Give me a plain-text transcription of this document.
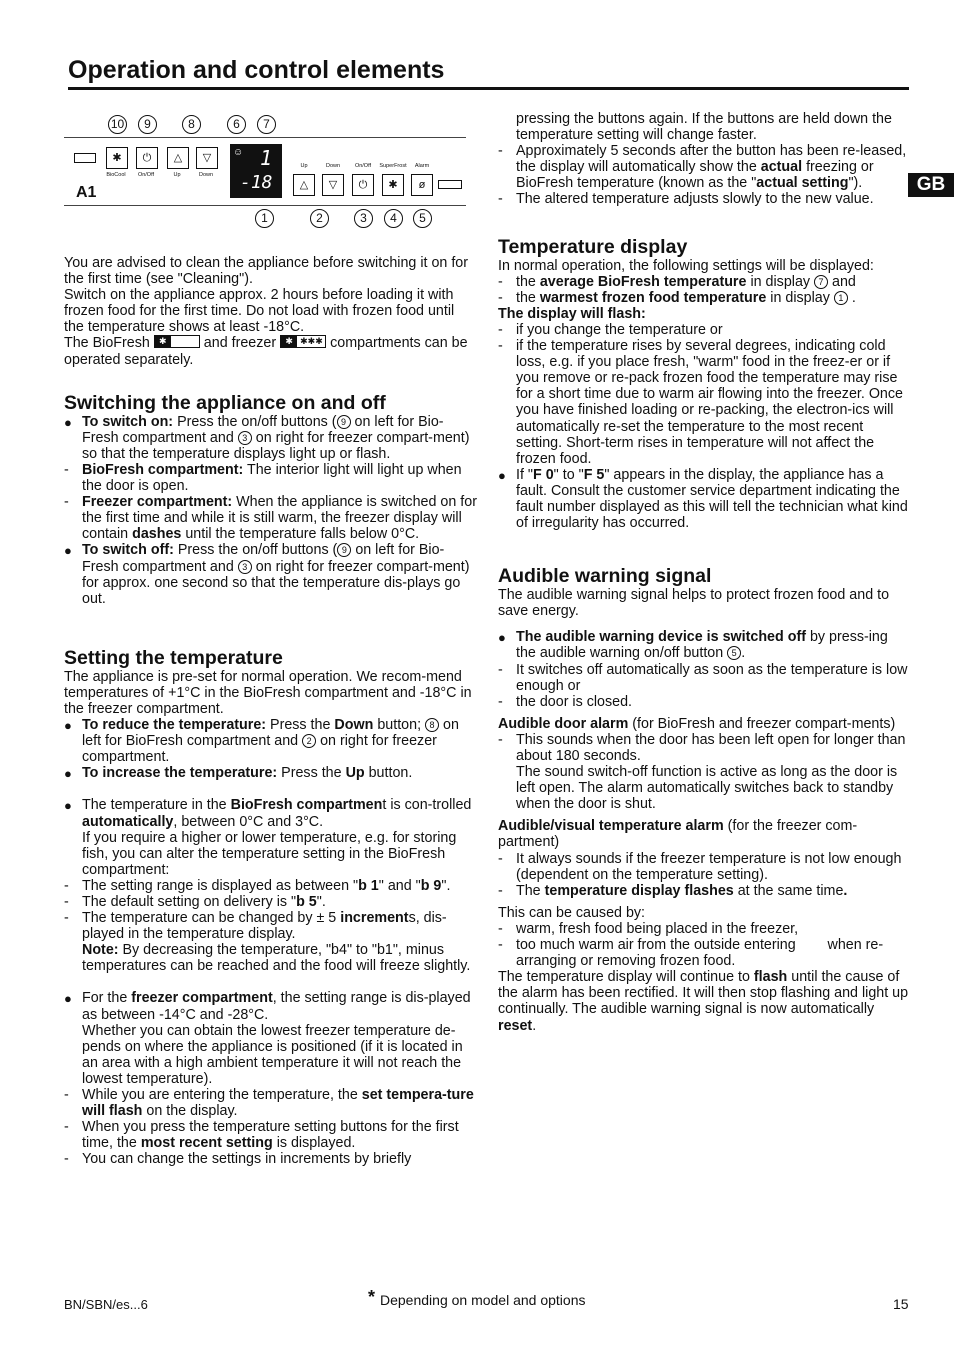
Operation and control elements
GB
10	9	8	6	7
✱	⏻	△	▽
BioCool	On/Off	Up	Down
☺ 1
-18
Up	Down	On/Off	SuperFrost	Alarm
△	▽	⏻	✱	ø
A1
1	2	3	4	5

You are advised to clean the appliance before switching it on for the first time (see "Cleaning").

Switch on the appliance approx. 2 hours before loading it with frozen food for the first time. Do not load with frozen food until the temperature shows at least -18°C.

The BioFresh	✱	and freezer	✱ ✱✱✱ compartments can be operated separately.

Switching the appliance on and off

● To switch on: Press the on/off buttons ( 9 on left for Bio-Fresh compartment and 3 on right for freezer compart-ment) so that the temperature displays light up or flash.
- BioFresh compartment: The interior light will light up when the door is open.
- Freezer compartment: When the appliance is switched on for the first time and while it is still warm, the freezer display will contain dashes until the temperature falls below 0°C.
● To switch off: Press the on/off buttons ( 9 on left for Bio-Fresh compartment and 3 on right for freezer compart-ment) for approx. one second so that the temperature dis-plays go out.

Setting the temperature

The appliance is pre-set for normal operation. We recom-mend temperatures of +1°C in the BioFresh compartment and -18°C in the freezer compartment.

● To reduce the temperature: Press the Down button; 8 on left for BioFresh compartment and 2 on right for freezer compartment.
● To increase the temperature: Press the Up button.
● The temperature in the BioFresh compartment is con-trolled automatically, between 0°C and 3°C.
If you require a higher or lower temperature, e.g. for storing fish, you can alter the temperature setting in the BioFresh compartment:
- The setting range is displayed as between "b 1" and "b 9".
- The default setting on delivery is "b 5".
- The temperature can be changed by ± 5 increments, dis-played in the temperature display.
Note: By decreasing the temperature, "b4" to "b1", minus temperatures can be reached and the food will freeze slightly.
● For the freezer compartment, the setting range is dis-played as between -14°C and -28°C.
Whether you can obtain the lowest freezer temperature de-pends on where the appliance is positioned (if it is located in an area with a high ambient temperature it will not reach the lowest temperature).
- While you are entering the temperature, the set tempera-ture will flash on the display.
- When you press the temperature setting buttons for the first time, the most recent setting is displayed.
- You can change the settings in increments by briefly
pressing the buttons again. If the buttons are held down the temperature setting will change faster.
- Approximately 5 seconds after the button has been re-leased, the display will automatically show the actual freezing or BioFresh temperature (known as the "actual setting").
- The altered temperature adjusts slowly to the new value.

Temperature display

In normal operation, the following settings will be displayed:

- the average BioFresh temperature in display 7 and
- the warmest frozen food temperature in display 1 .

The display will flash:

- if you change the temperature or
- if the temperature rises by several degrees, indicating cold loss, e.g. if you place fresh, "warm" food in the freez-er or if you remove or re-pack frozen food the temperature may rise for a short time due to warm air flowing into the freezer. Once you have finished loading or re-packing, the electron-ics will automatically re-set the temperature to the most recent setting. Short-term rises in temperature will not affect the frozen food.
● If "F 0" to "F 5" appears in the display, the appliance has a fault. Consult the customer service department indicating the fault number displayed as this will tell the technician what kind of irregularity has occurred.

Audible warning signal

The audible warning signal helps to protect frozen food and to save energy.

● The audible warning device is switched off by press-ing the audible warning on/off button 5 .
- It switches off automatically as soon as the temperature is low enough or
- the door is closed.

Audible door alarm (for BioFresh and freezer compart-ments)

- This sounds when the door has been left open for longer than about 180 seconds.
The sound switch-off function is active as long as the door is left open. The alarm automatically switches back to standby when the door is shut.

Audible/visual temperature alarm (for the freezer com-partment)

- It always sounds if the freezer temperature is not low enough (dependent on the temperature setting).
- The temperature display flashes at the same time.

This can be caused by:

- warm, fresh food being placed in the freezer,
- too much warm air from the outside entering        when re-arranging or removing frozen food.

The temperature display will continue to flash until the cause of the alarm has been rectified. It will then stop flashing and light up continually. The audible warning signal is now automatically reset.

BN/SBN/es...6	* Depending on model and options	15
